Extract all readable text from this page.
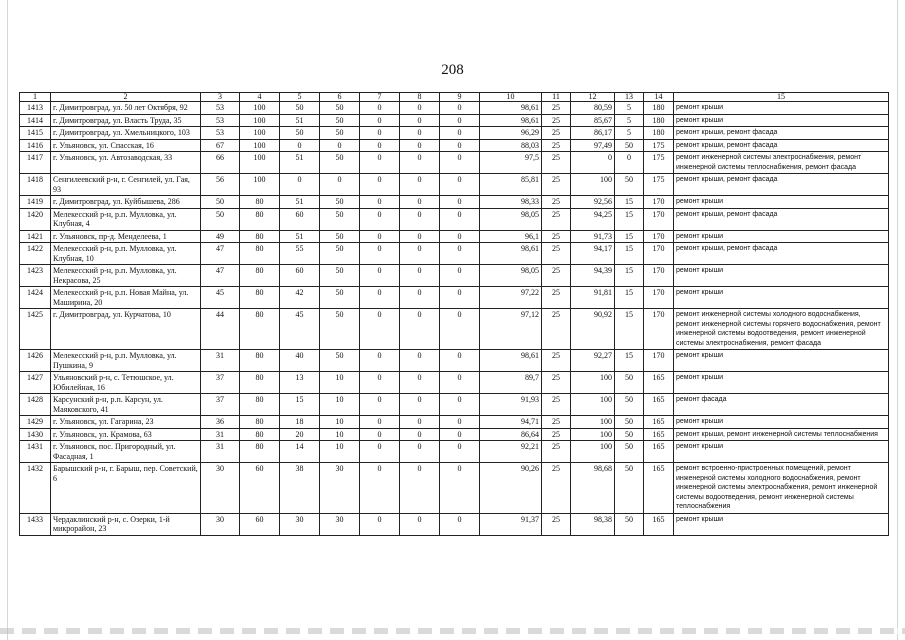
208
1	2	3	4	5	6	7	8	9	10	11	12	13	14	15
1413	г. Димитровград, ул. 50 лет Октября, 92	53	100	50	50	0	0	0	98,61	25	80,59	5	180	ремонт крыши
1414	г. Димитровград, ул. Власть Труда, 35	53	100	51	50	0	0	0	98,61	25	85,67	5	180	ремонт крыши
1415	г. Димитровград, ул. Хмельницкого, 103	53	100	50	50	0	0	0	96,29	25	86,17	5	180	ремонт крыши, ремонт фасада
1416	г. Ульяновск, ул. Спасская, 16	67	100	0	0	0	0	0	88,03	25	97,49	50	175	ремонт крыши, ремонт фасада
1417	г. Ульяновск, ул. Автозаводская, 33	66	100	51	50	0	0	0	97,5	25	0	0	175	ремонт инженерной системы электроснабжения, ремонт инженерной системы теплоснабжения, ремонт фасада
1418	Сенгилеевский р-н, г. Сенгилей, ул. Гая, 93	56	100	0	0	0	0	0	85,81	25	100	50	175	ремонт крыши, ремонт фасада
1419	г. Димитровград, ул. Куйбышева, 286	50	80	51	50	0	0	0	98,33	25	92,56	15	170	ремонт крыши
1420	Мелекесский р-н, р.п. Мулловка, ул. Клубная, 4	50	80	60	50	0	0	0	98,05	25	94,25	15	170	ремонт крыши, ремонт фасада
1421	г. Ульяновск, пр-д. Менделеева, 1	49	80	51	50	0	0	0	96,1	25	91,73	15	170	ремонт крыши
1422	Мелекесский р-н, р.п. Мулловка, ул. Клубная, 10	47	80	55	50	0	0	0	98,61	25	94,17	15	170	ремонт крыши, ремонт фасада
1423	Мелекесский р-н, р.п. Мулловка, ул. Некрасова, 25	47	80	60	50	0	0	0	98,05	25	94,39	15	170	ремонт крыши
1424	Мелекесский р-н, р.п. Новая Майна, ул. Машиpина, 20	45	80	42	50	0	0	0	97,22	25	91,81	15	170	ремонт крыши
1425	г. Димитровград, ул. Курчатова, 10	44	80	45	50	0	0	0	97,12	25	90,92	15	170	ремонт инженерной системы холодного водоснабжения, ремонт инженерной системы горячего водоснабжения, ремонт инженерной системы водоотведения, ремонт инженерной системы электроснабжения, ремонт фасада
1426	Мелекесский р-н, р.п. Мулловка, ул. Пушкина, 9	31	80	40	50	0	0	0	98,61	25	92,27	15	170	ремонт крыши
1427	Ульяновский р-н, с. Тетюшское, ул. Юбилейная, 16	37	80	13	10	0	0	0	89,7	25	100	50	165	ремонт крыши
1428	Карсунский р-н, р.п. Карсун, ул. Маяковского, 41	37	80	15	10	0	0	0	91,93	25	100	50	165	ремонт фасада
1429	г. Ульяновск, ул. Гагарина, 23	36	80	18	10	0	0	0	94,71	25	100	50	165	ремонт крыши
1430	г. Ульяновск, ул. Крамова, 63	31	80	20	10	0	0	0	86,64	25	100	50	165	ремонт крыши, ремонт инженерной системы теплоснабжения
1431	г. Ульяновск, пос. Пригородный, ул. Фасадная, 1	31	80	14	10	0	0	0	92,21	25	100	50	165	ремонт крыши
1432	Барышский р-н, г. Барыш, пер. Советский, 6	30	60	38	30	0	0	0	90,26	25	98,68	50	165	ремонт встроенно-пристроенных помещений, ремонт инженерной системы холодного водоснабжения, ремонт инженерной системы электроснабжения, ремонт инженерной системы водоотведения, ремонт инженерной системы теплоснабжения
1433	Чердаклинский р-н, с. Озерки, 1-й микрорайон, 23	30	60	30	30	0	0	0	91,37	25	98,38	50	165	ремонт крыши
